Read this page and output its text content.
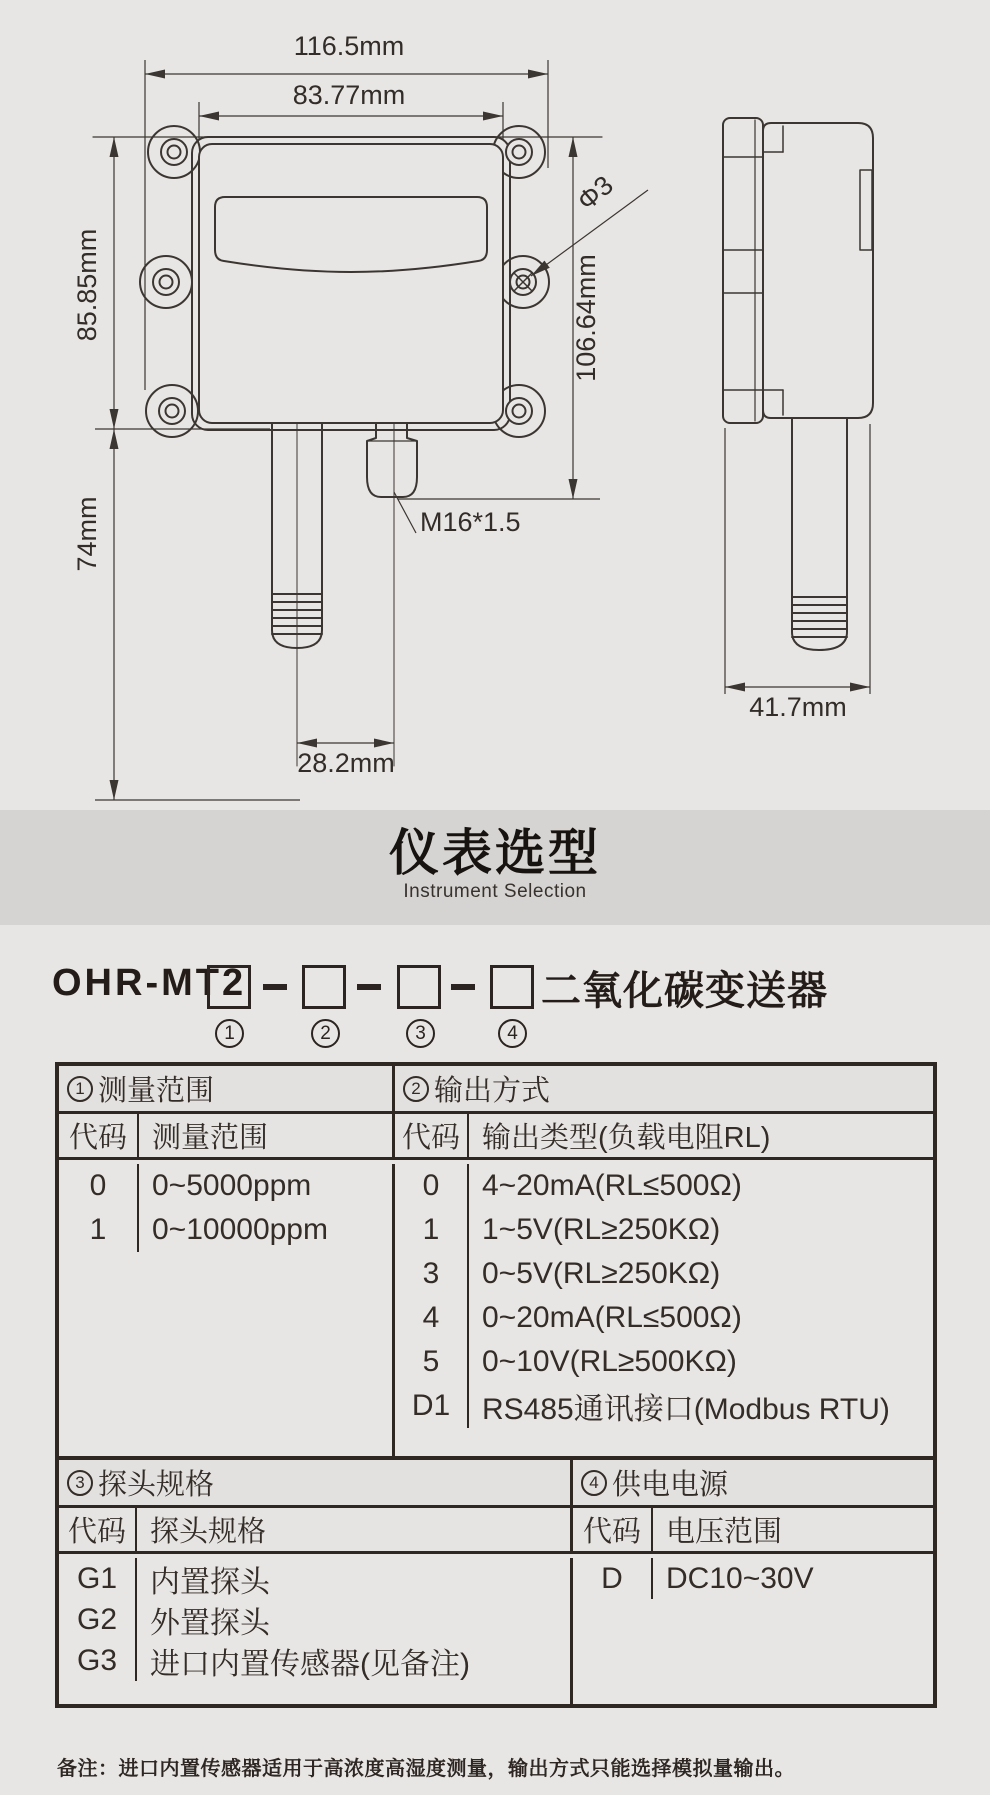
116.5mm
83.77mm
85.85mm
74mm
106.64mm
Φ3
M16*1.5
28.2mm
41.7mm
仪表选型

Instrument Selection

OHR-MT2	二氧化碳变送器
1	2	3	4
1 测量范围	2 输出方式
代码 测量范围	代码 输出类型(负载电阻RL)
0	0~5000ppm
1	0~10000ppm
0	4~20mA(RL≤500Ω)
1	1~5V(RL≥250KΩ)
3	0~5V(RL≥250KΩ)
4	0~20mA(RL≤500Ω)
5	0~10V(RL≥500KΩ)
D1	RS485通讯接口(Modbus RTU)
3 探头规格	4 供电电源
代码 探头规格	代码 电压范围
G1	内置探头
G2	外置探头
G3	进口内置传感器(见备注)
D	DC10~30V

备注：进口内置传感器适用于高浓度高湿度测量，输出方式只能选择模拟量输出。
